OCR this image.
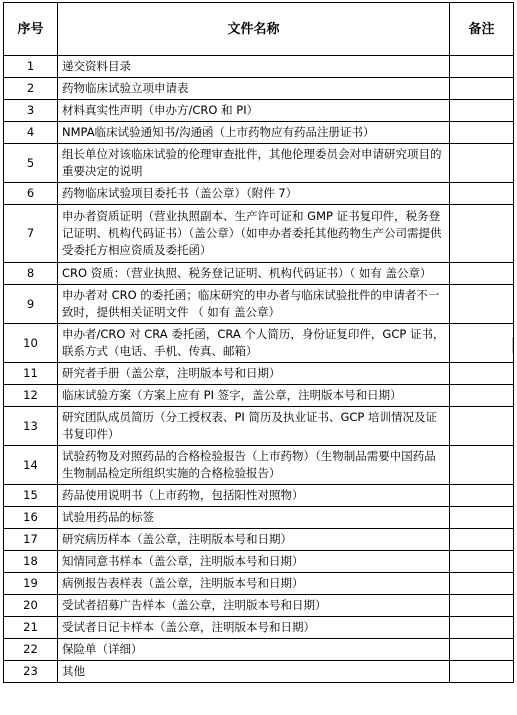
序号	文件名称	备注
1	递交资料目录	
2	药物临床试验立项申请表	
3	材料真实性声明（申办方/CRO 和 PI）	
4	NMPA临床试验通知书/沟通函（上市药物应有药品注册证书）	
5	组长单位对该临床试验的伦理审查批件，其他伦理委员会对申请研究项目的重要决定的说明	
6	药物临床试验项目委托书（盖公章）（附件 7）	
7	申办者资质证明（营业执照副本、生产许可证和 GMP 证书复印件，税务登记证明、机构代码证书）（盖公章）（如申办者委托其他药物生产公司需提供受委托方相应资质及委托函）	
8	CRO 资质：（营业执照、税务登记证明、机构代码证书）（ 如有 盖公章）	
9	申办者对 CRO 的委托函；临床研究的申办者与临床试验批件的申请者不一致时，提供相关证明文件 （ 如有 盖公章）	
10	申办者/CRO 对 CRA 委托函，CRA 个人简历，身份证复印件，GCP 证书，联系方式（电话、手机、传真、邮箱）	
11	研究者手册（盖公章，注明版本号和日期）	
12	临床试验方案（方案上应有 PI 签字，盖公章，注明版本号和日期）	
13	研究团队成员简历（分工授权表、PI 简历及执业证书、GCP 培训情况及证书复印件）	
14	试验药物及对照药品的合格检验报告（上市药物）（生物制品需要中国药品生物制品检定所组织实施的合格检验报告）	
15	药品使用说明书（上市药物，包括阳性对照物）	
16	试验用药品的标签	
17	研究病历样本（盖公章，注明版本号和日期）	
18	知情同意书样本（盖公章，注明版本号和日期）	
19	病例报告表样表（盖公章，注明版本号和日期）	
20	受试者招募广告样本（盖公章，注明版本号和日期）	
21	受试者日记卡样本（盖公章，注明版本号和日期）	
22	保险单（详细）	
23	其他	
